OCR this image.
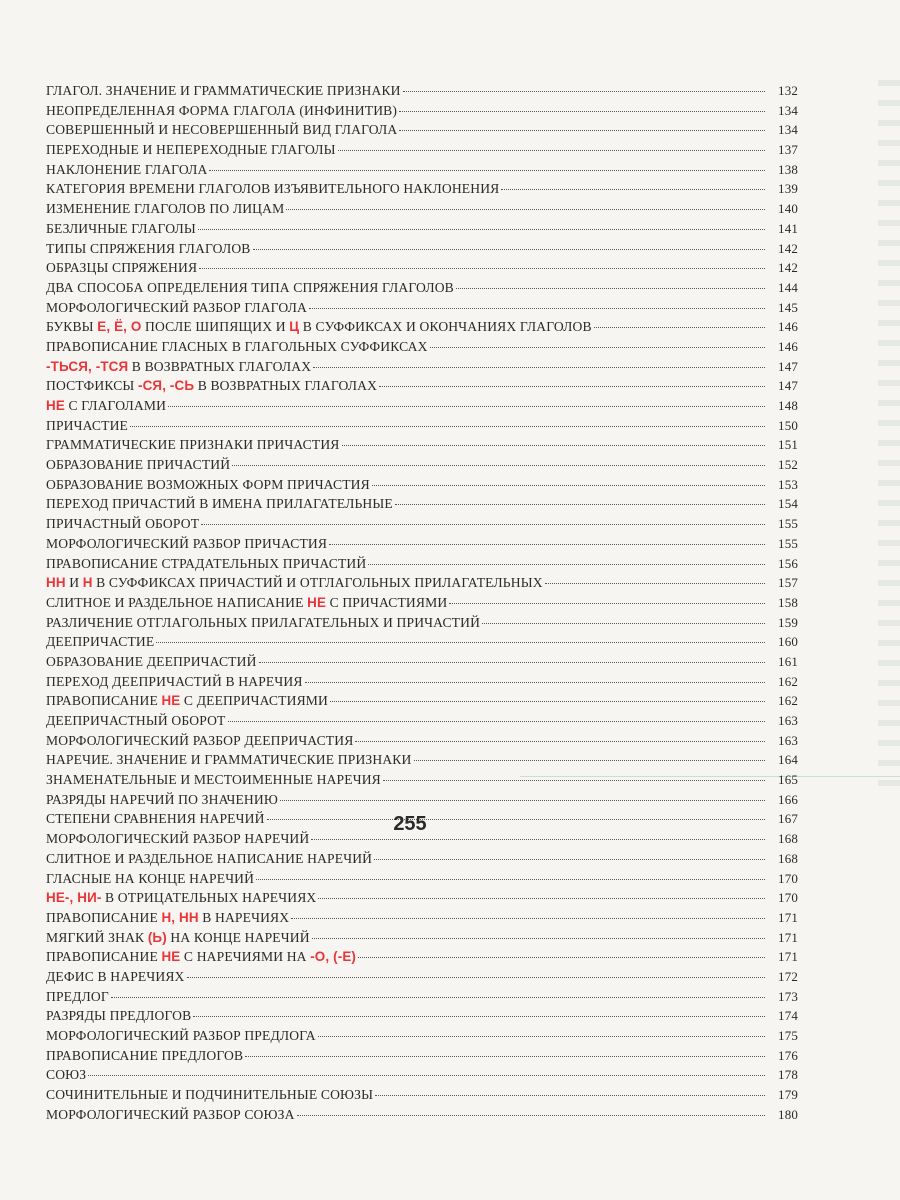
ГЛАГОЛ. ЗНАЧЕНИЕ И ГРАММАТИЧЕСКИЕ ПРИЗНАКИ	132
НЕОПРЕДЕЛЕННАЯ ФОРМА ГЛАГОЛА (ИНФИНИТИВ)	134
СОВЕРШЕННЫЙ И НЕСОВЕРШЕННЫЙ ВИД ГЛАГОЛА	134
ПЕРЕХОДНЫЕ И НЕПЕРЕХОДНЫЕ ГЛАГОЛЫ	137
НАКЛОНЕНИЕ ГЛАГОЛА	138
КАТЕГОРИЯ ВРЕМЕНИ ГЛАГОЛОВ ИЗЪЯВИТЕЛЬНОГО НАКЛОНЕНИЯ	139
ИЗМЕНЕНИЕ ГЛАГОЛОВ ПО ЛИЦАМ	140
БЕЗЛИЧНЫЕ ГЛАГОЛЫ	141
ТИПЫ СПРЯЖЕНИЯ ГЛАГОЛОВ	142
ОБРАЗЦЫ СПРЯЖЕНИЯ	142
ДВА СПОСОБА ОПРЕДЕЛЕНИЯ ТИПА СПРЯЖЕНИЯ ГЛАГОЛОВ	144
МОРФОЛОГИЧЕСКИЙ РАЗБОР ГЛАГОЛА	145
БУКВЫ Е, Ё, О ПОСЛЕ ШИПЯЩИХ И Ц В СУФФИКСАХ И ОКОНЧАНИЯХ ГЛАГОЛОВ	146
ПРАВОПИСАНИЕ ГЛАСНЫХ В ГЛАГОЛЬНЫХ СУФФИКСАХ	146
-ТЬСЯ, -ТСЯ В ВОЗВРАТНЫХ ГЛАГОЛАХ	147
ПОСТФИКСЫ -СЯ, -СЬ В ВОЗВРАТНЫХ ГЛАГОЛАХ	147
НЕ С ГЛАГОЛАМИ	148
ПРИЧАСТИЕ	150
ГРАММАТИЧЕСКИЕ ПРИЗНАКИ ПРИЧАСТИЯ	151
ОБРАЗОВАНИЕ ПРИЧАСТИЙ	152
ОБРАЗОВАНИЕ ВОЗМОЖНЫХ ФОРМ ПРИЧАСТИЯ	153
ПЕРЕХОД ПРИЧАСТИЙ В ИМЕНА ПРИЛАГАТЕЛЬНЫЕ	154
ПРИЧАСТНЫЙ ОБОРОТ	155
МОРФОЛОГИЧЕСКИЙ РАЗБОР ПРИЧАСТИЯ	155
ПРАВОПИСАНИЕ СТРАДАТЕЛЬНЫХ ПРИЧАСТИЙ	156
НН И Н В СУФФИКСАХ ПРИЧАСТИЙ И ОТГЛАГОЛЬНЫХ ПРИЛАГАТЕЛЬНЫХ	157
СЛИТНОЕ И РАЗДЕЛЬНОЕ НАПИСАНИЕ НЕ С ПРИЧАСТИЯМИ	158
РАЗЛИЧЕНИЕ ОТГЛАГОЛЬНЫХ ПРИЛАГАТЕЛЬНЫХ И ПРИЧАСТИЙ	159
ДЕЕПРИЧАСТИЕ	160
ОБРАЗОВАНИЕ ДЕЕПРИЧАСТИЙ	161
ПЕРЕХОД ДЕЕПРИЧАСТИЙ В НАРЕЧИЯ	162
ПРАВОПИСАНИЕ НЕ С ДЕЕПРИЧАСТИЯМИ	162
ДЕЕПРИЧАСТНЫЙ ОБОРОТ	163
МОРФОЛОГИЧЕСКИЙ РАЗБОР ДЕЕПРИЧАСТИЯ	163
НАРЕЧИЕ. ЗНАЧЕНИЕ И ГРАММАТИЧЕСКИЕ ПРИЗНАКИ	164
ЗНАМЕНАТЕЛЬНЫЕ И МЕСТОИМЕННЫЕ НАРЕЧИЯ	165
РАЗРЯДЫ НАРЕЧИЙ ПО ЗНАЧЕНИЮ	166
СТЕПЕНИ СРАВНЕНИЯ НАРЕЧИЙ	167
МОРФОЛОГИЧЕСКИЙ РАЗБОР НАРЕЧИЙ	168
СЛИТНОЕ И РАЗДЕЛЬНОЕ НАПИСАНИЕ НАРЕЧИЙ	168
ГЛАСНЫЕ НА КОНЦЕ НАРЕЧИЙ	170
НЕ-, НИ- В ОТРИЦАТЕЛЬНЫХ НАРЕЧИЯХ	170
ПРАВОПИСАНИЕ Н, НН В НАРЕЧИЯХ	171
МЯГКИЙ ЗНАК (Ь) НА КОНЦЕ НАРЕЧИЙ	171
ПРАВОПИСАНИЕ НЕ С НАРЕЧИЯМИ НА -О, (-Е)	171
ДЕФИС В НАРЕЧИЯХ	172
ПРЕДЛОГ	173
РАЗРЯДЫ ПРЕДЛОГОВ	174
МОРФОЛОГИЧЕСКИЙ РАЗБОР ПРЕДЛОГА	175
ПРАВОПИСАНИЕ ПРЕДЛОГОВ	176
СОЮЗ	178
СОЧИНИТЕЛЬНЫЕ И ПОДЧИНИТЕЛЬНЫЕ СОЮЗЫ	179
МОРФОЛОГИЧЕСКИЙ РАЗБОР СОЮЗА	180
255
